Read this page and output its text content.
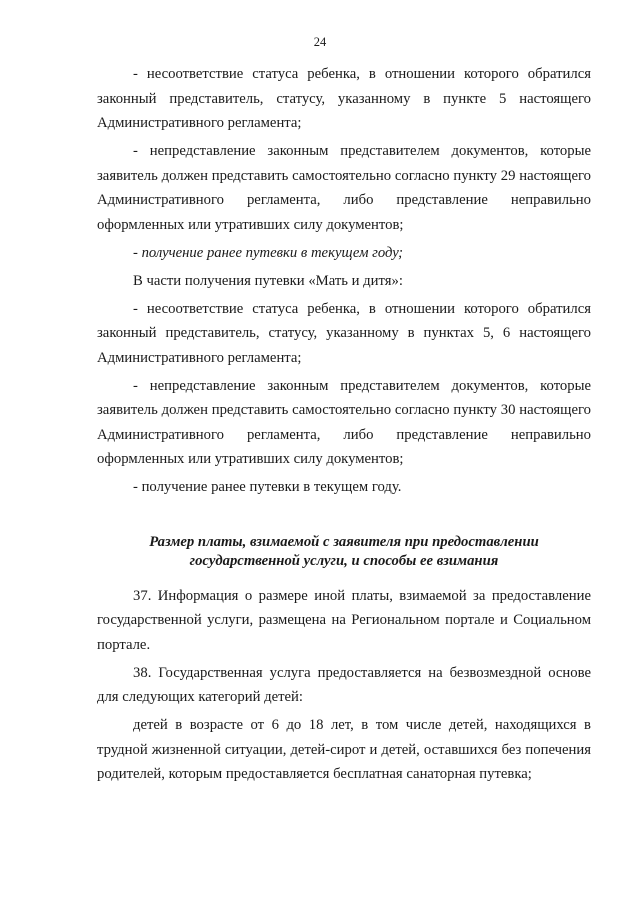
24

- несоответствие статуса ребенка, в отношении которого обратился законный представитель, статусу, указанному в пункте 5 настоящего Административного регламента;

- непредставление законным представителем документов, которые заявитель должен представить самостоятельно согласно пункту 29 настоящего Административного регламента, либо представление неправильно оформленных или утративших силу документов;

- получение ранее путевки в текущем году;

В части получения путевки «Мать и дитя»:

- несоответствие статуса ребенка, в отношении которого обратился законный представитель, статусу, указанному в пунктах 5, 6 настоящего Административного регламента;

- непредставление законным представителем документов, которые заявитель должен представить самостоятельно согласно пункту 30 настоящего Административного регламента, либо представление неправильно оформленных или утративших силу документов;

- получение ранее путевки в текущем году.

Размер платы, взимаемой с заявителя при предоставлении
государственной услуги, и способы ее взимания

37. Информация о размере иной платы, взимаемой за предоставление государственной услуги, размещена на Региональном портале и Социальном портале.

38. Государственная услуга предоставляется на безвозмездной основе для следующих категорий детей:

детей в возрасте от 6 до 18 лет, в том числе детей, находящихся в трудной жизненной ситуации, детей-сирот и детей, оставшихся без попечения родителей, которым предоставляется бесплатная санаторная путевка;
